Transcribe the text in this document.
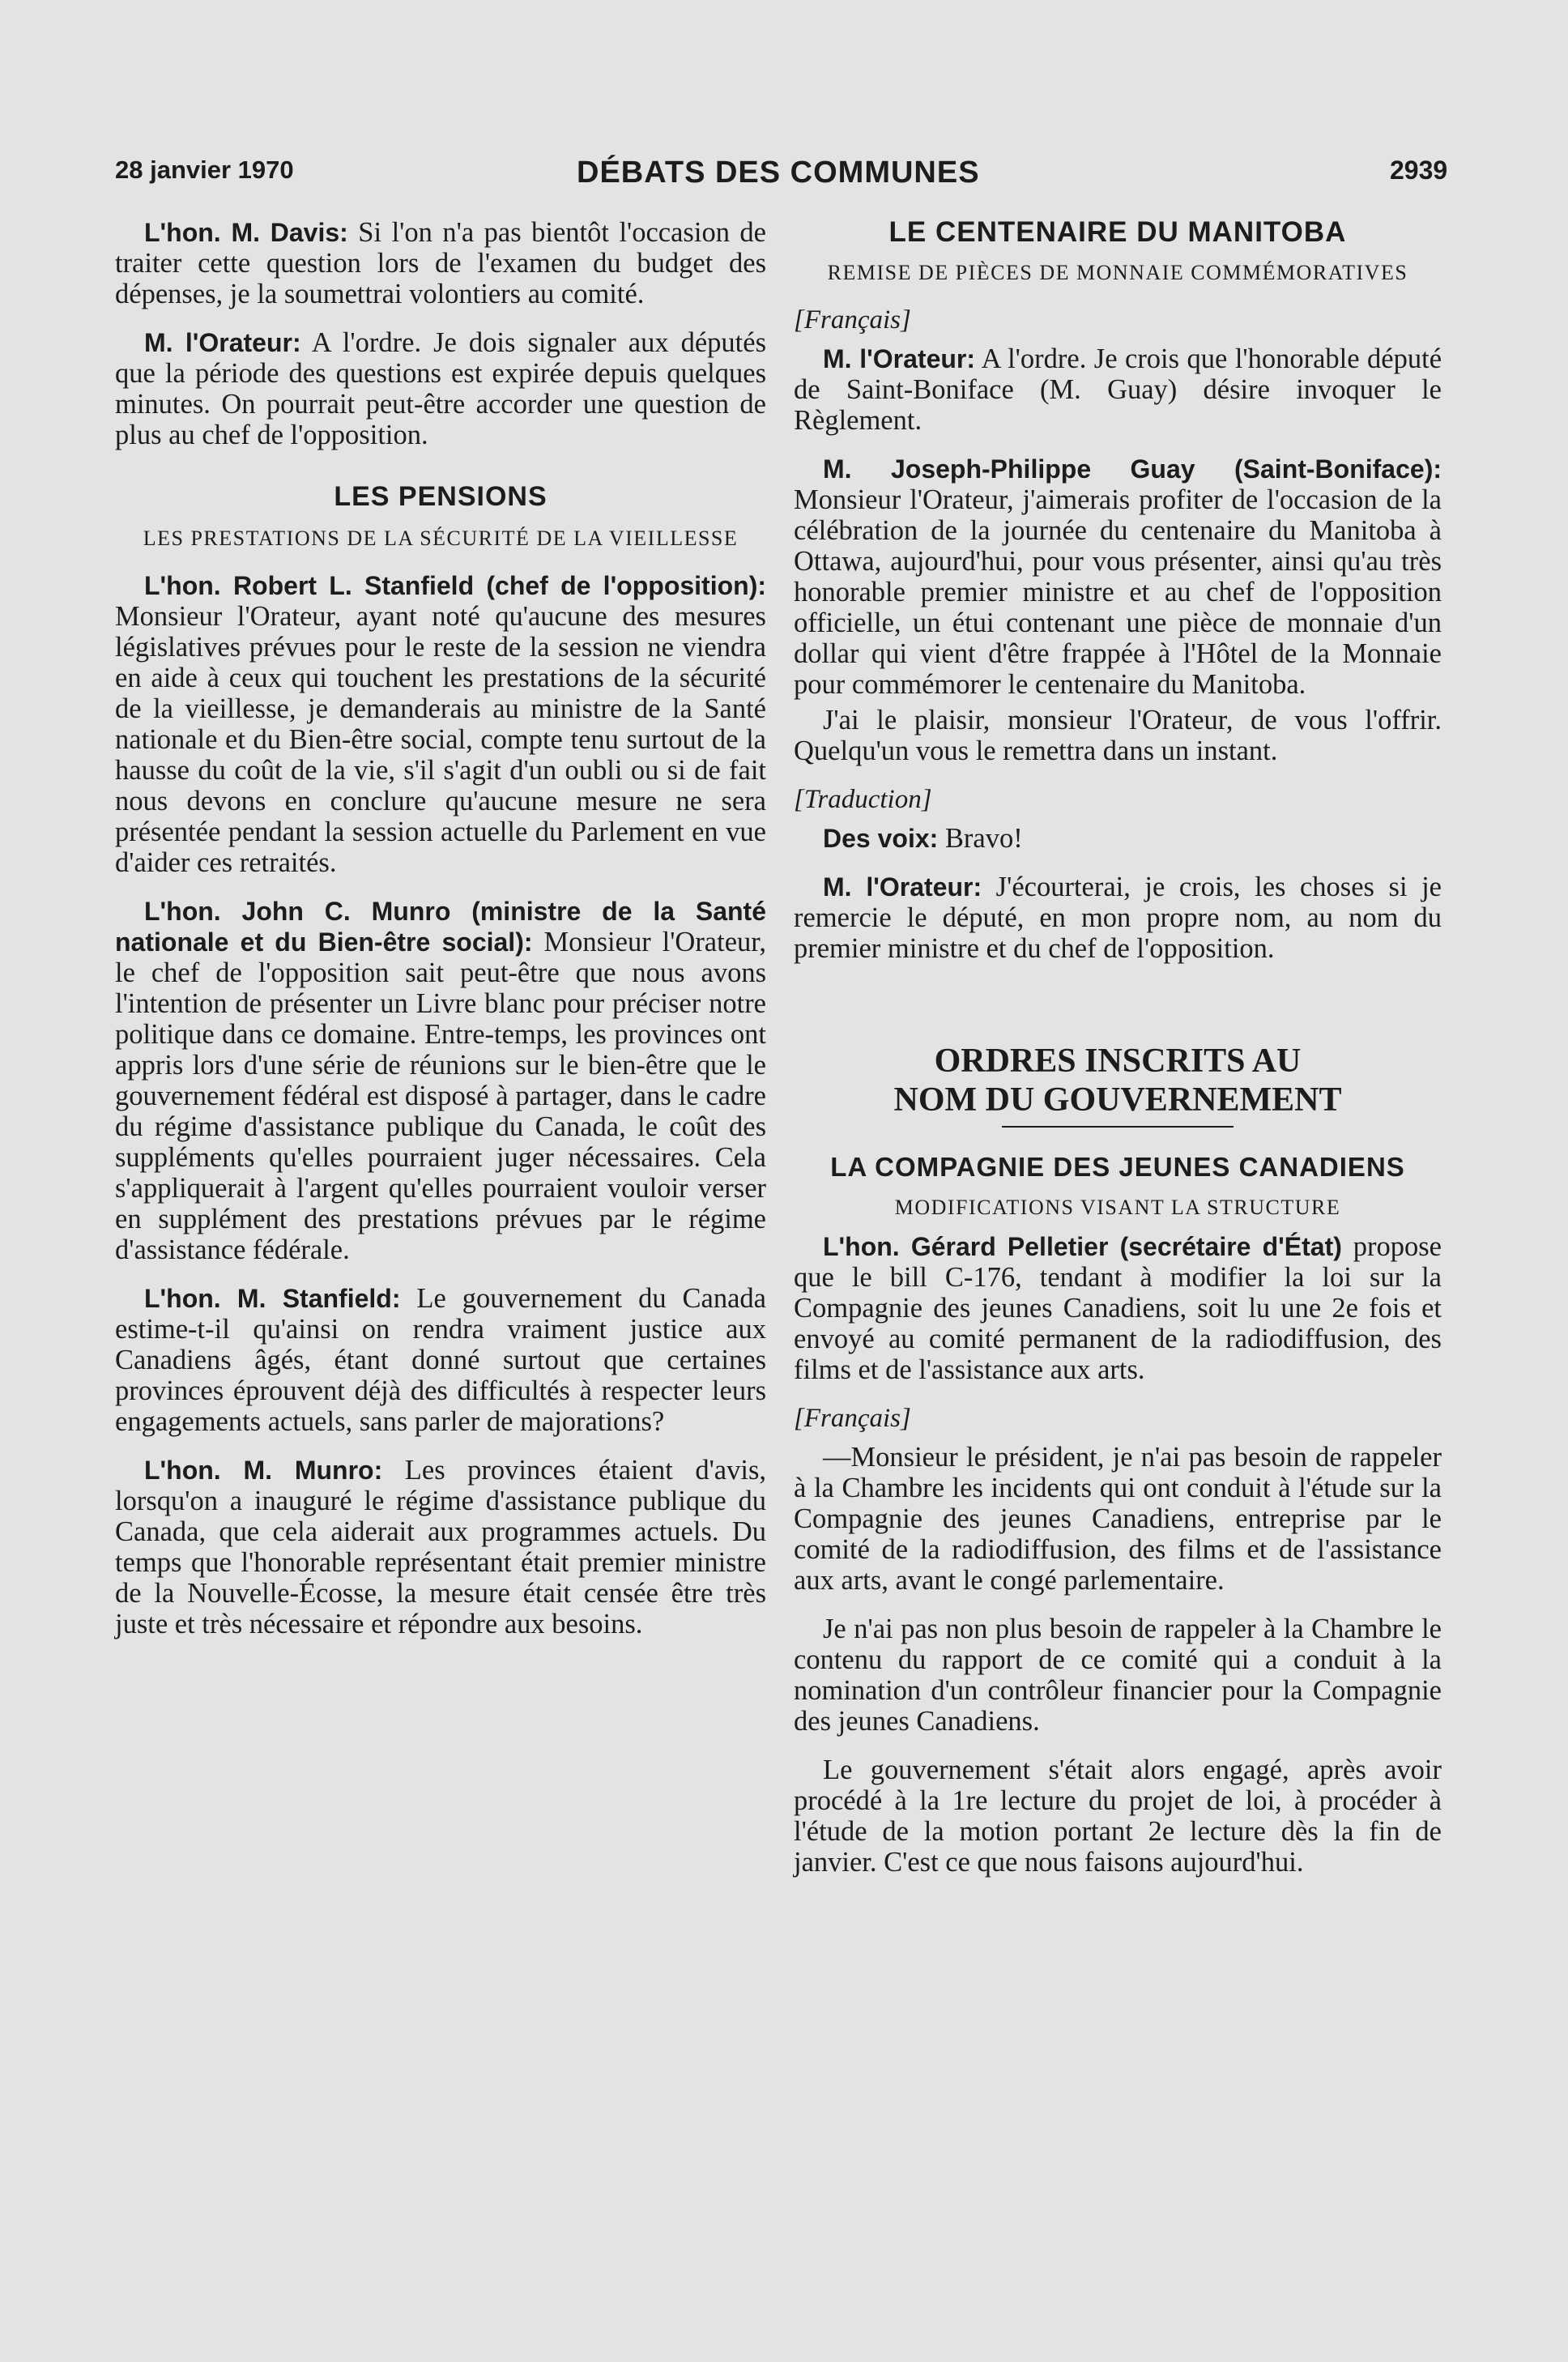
28 janvier 1970	DÉBATS DES COMMUNES	2939

L'hon. M. Davis: Si l'on n'a pas bientôt l'occasion de traiter cette question lors de l'examen du budget des dépenses, je la soumettrai volontiers au comité.

M. l'Orateur: A l'ordre. Je dois signaler aux députés que la période des questions est expirée depuis quelques minutes. On pourrait peut-être accorder une question de plus au chef de l'opposition.

LES PENSIONS
LES PRESTATIONS DE LA SÉCURITÉ DE LA VIEILLESSE

L'hon. Robert L. Stanfield (chef de l'opposition): Monsieur l'Orateur, ayant noté qu'aucune des mesures législatives prévues pour le reste de la session ne viendra en aide à ceux qui touchent les prestations de la sécurité de la vieillesse, je demanderais au ministre de la Santé nationale et du Bien-être social, compte tenu surtout de la hausse du coût de la vie, s'il s'agit d'un oubli ou si de fait nous devons en conclure qu'aucune mesure ne sera présentée pendant la session actuelle du Parlement en vue d'aider ces retraités.

L'hon. John C. Munro (ministre de la Santé nationale et du Bien-être social): Monsieur l'Orateur, le chef de l'opposition sait peut-être que nous avons l'intention de présenter un Livre blanc pour préciser notre politique dans ce domaine. Entre-temps, les provinces ont appris lors d'une série de réunions sur le bien-être que le gouvernement fédéral est disposé à partager, dans le cadre du régime d'assistance publique du Canada, le coût des suppléments qu'elles pourraient juger nécessaires. Cela s'appliquerait à l'argent qu'elles pourraient vouloir verser en supplément des prestations prévues par le régime d'assistance fédérale.

L'hon. M. Stanfield: Le gouvernement du Canada estime-t-il qu'ainsi on rendra vraiment justice aux Canadiens âgés, étant donné surtout que certaines provinces éprouvent déjà des difficultés à respecter leurs engagements actuels, sans parler de majorations?

L'hon. M. Munro: Les provinces étaient d'avis, lorsqu'on a inauguré le régime d'assistance publique du Canada, que cela aiderait aux programmes actuels. Du temps que l'honorable représentant était premier ministre de la Nouvelle-Écosse, la mesure était censée être très juste et très nécessaire et répondre aux besoins.

LE CENTENAIRE DU MANITOBA
REMISE DE PIÈCES DE MONNAIE COMMÉMORATIVES
[Français]

M. l'Orateur: A l'ordre. Je crois que l'honorable député de Saint-Boniface (M. Guay) désire invoquer le Règlement.

M. Joseph-Philippe Guay (Saint-Boniface): Monsieur l'Orateur, j'aimerais profiter de l'occasion de la célébration de la journée du centenaire du Manitoba à Ottawa, aujourd'hui, pour vous présenter, ainsi qu'au très honorable premier ministre et au chef de l'opposition officielle, un étui contenant une pièce de monnaie d'un dollar qui vient d'être frappée à l'Hôtel de la Monnaie pour commémorer le centenaire du Manitoba.

J'ai le plaisir, monsieur l'Orateur, de vous l'offrir. Quelqu'un vous le remettra dans un instant.

[Traduction]

Des voix: Bravo!

M. l'Orateur: J'écourterai, je crois, les choses si je remercie le député, en mon propre nom, au nom du premier ministre et du chef de l'opposition.

ORDRES INSCRITS AU NOM DU GOUVERNEMENT
LA COMPAGNIE DES JEUNES CANADIENS
MODIFICATIONS VISANT LA STRUCTURE

L'hon. Gérard Pelletier (secrétaire d'État) propose que le bill C-176, tendant à modifier la loi sur la Compagnie des jeunes Canadiens, soit lu une 2e fois et envoyé au comité permanent de la radiodiffusion, des films et de l'assistance aux arts.

[Français]

—Monsieur le président, je n'ai pas besoin de rappeler à la Chambre les incidents qui ont conduit à l'étude sur la Compagnie des jeunes Canadiens, entreprise par le comité de la radiodiffusion, des films et de l'assistance aux arts, avant le congé parlementaire.

Je n'ai pas non plus besoin de rappeler à la Chambre le contenu du rapport de ce comité qui a conduit à la nomination d'un contrôleur financier pour la Compagnie des jeunes Canadiens.

Le gouvernement s'était alors engagé, après avoir procédé à la 1re lecture du projet de loi, à procéder à l'étude de la motion portant 2e lecture dès la fin de janvier. C'est ce que nous faisons aujourd'hui.
